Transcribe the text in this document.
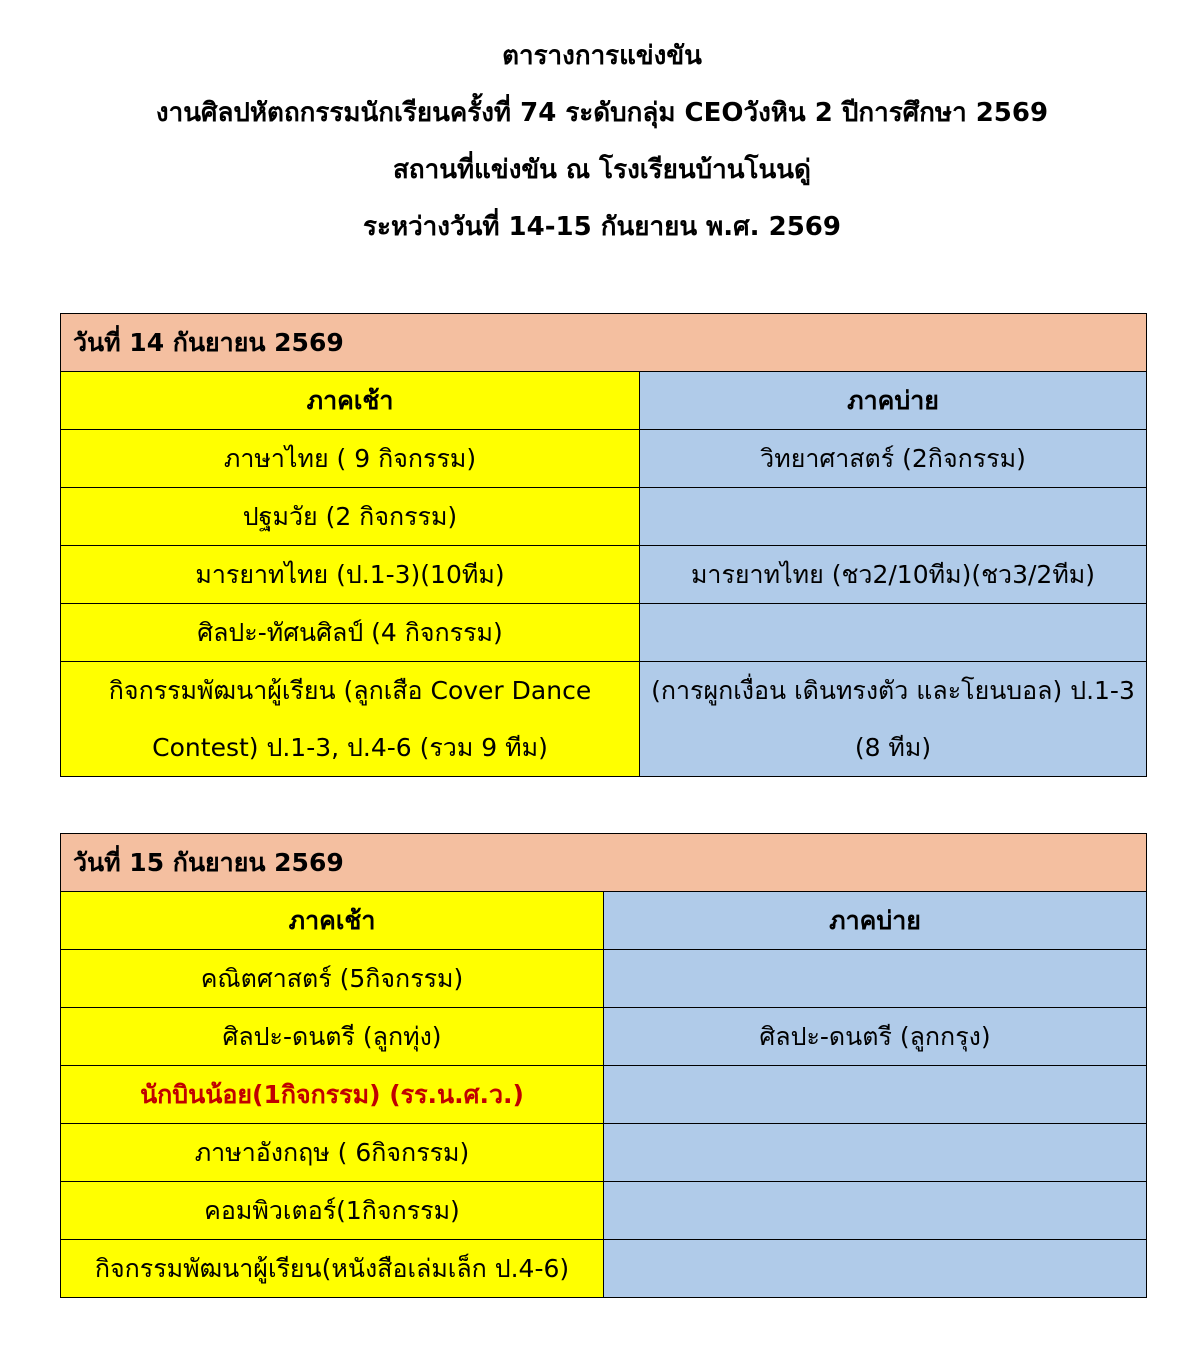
ตารางการแข่งขัน
งานศิลปหัตถกรรมนักเรียนครั้งที่ 74 ระดับกลุ่ม CEOวังหิน 2 ปีการศึกษา 2569
สถานที่แข่งขัน ณ โรงเรียนบ้านโนนดู่
ระหว่างวันที่ 14-15 กันยายน พ.ศ. 2569
วันที่ 14 กันยายน 2569	
ภาคเช้า	ภาคบ่าย
ภาษาไทย ( 9 กิจกรรม)	วิทยาศาสตร์ (2กิจกรรม)
ปฐมวัย (2 กิจกรรม)	
มารยาทไทย (ป.1-3)(10ทีม)	มารยาทไทย (ชว2/10ทีม)(ชว3/2ทีม)
ศิลปะ-ทัศนศิลป์ (4 กิจกรรม)	
กิจกรรมพัฒนาผู้เรียน (ลูกเสือ Cover Dance Contest) ป.1-3, ป.4-6 (รวม 9 ทีม)	(การผูกเงื่อน เดินทรงตัว และโยนบอล) ป.1-3 (8 ทีม)
วันที่ 15 กันยายน 2569	
ภาคเช้า	ภาคบ่าย
คณิตศาสตร์ (5กิจกรรม)	
ศิลปะ-ดนตรี (ลูกทุ่ง)	ศิลปะ-ดนตรี (ลูกกรุง)
นักบินน้อย(1กิจกรรม) (รร.น.ศ.ว.)	
ภาษาอังกฤษ ( 6กิจกรรม)	
คอมพิวเตอร์(1กิจกรรม)	
กิจกรรมพัฒนาผู้เรียน(หนังสือเล่มเล็ก ป.4-6)	
